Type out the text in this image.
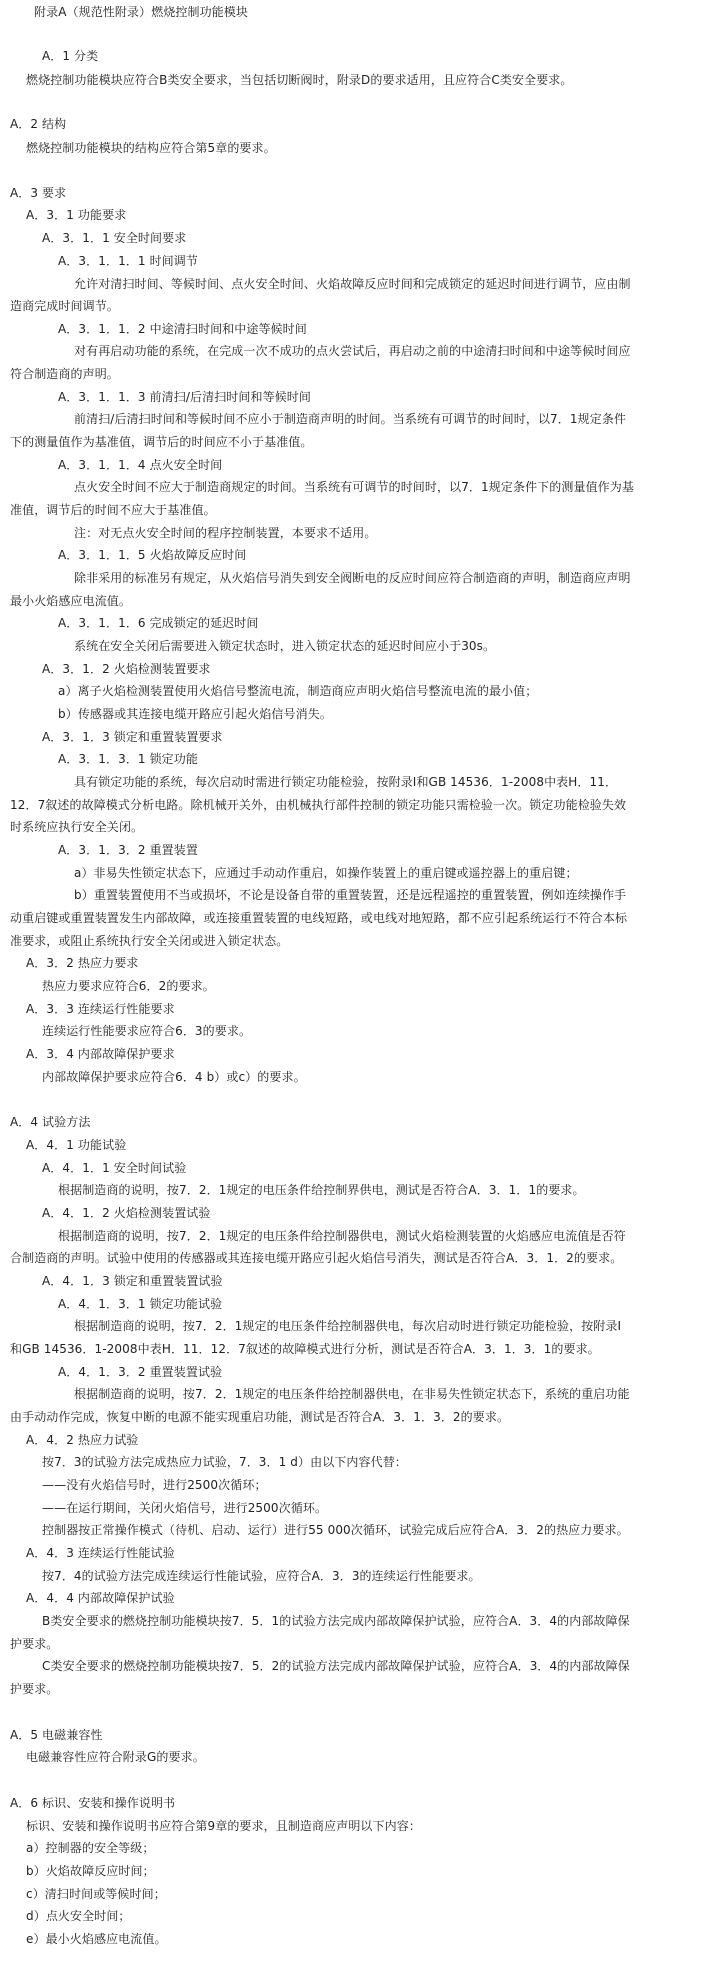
附录A（规范性附录）燃烧控制功能模块
A．1 分类
燃烧控制功能模块应符合B类安全要求，当包括切断阀时，附录D的要求适用，且应符合C类安全要求。
A．2 结构
燃烧控制功能模块的结构应符合第5章的要求。
A．3 要求
A．3．1 功能要求
A．3．1．1 安全时间要求
A．3．1．1．1 时间调节
允许对清扫时间、等候时间、点火安全时间、火焰故障反应时间和完成锁定的延迟时间进行调节，应由制
造商完成时间调节。
A．3．1．1．2 中途清扫时间和中途等候时间
对有再启动功能的系统，在完成一次不成功的点火尝试后，再启动之前的中途清扫时间和中途等候时间应
符合制造商的声明。
A．3．1．1．3 前清扫/后清扫时间和等候时间
前清扫/后清扫时间和等候时间不应小于制造商声明的时间。当系统有可调节的时间时，以7．1规定条件
下的测量值作为基准值，调节后的时间应不小于基准值。
A．3．1．1．4 点火安全时间
点火安全时间不应大于制造商规定的时间。当系统有可调节的时间时，以7．1规定条件下的测量值作为基
准值，调节后的时间不应大于基准值。
注：对无点火安全时间的程序控制装置，本要求不适用。
A．3．1．1．5 火焰故障反应时间
除非采用的标准另有规定，从火焰信号消失到安全阀断电的反应时间应符合制造商的声明，制造商应声明
最小火焰感应电流值。
A．3．1．1．6 完成锁定的延迟时间
系统在安全关闭后需要进入锁定状态时，进入锁定状态的延迟时间应小于30s。
A．3．1．2 火焰检测装置要求
a）离子火焰检测装置使用火焰信号整流电流，制造商应声明火焰信号整流电流的最小值；
b）传感器或其连接电缆开路应引起火焰信号消失。
A．3．1．3 锁定和重置装置要求
A．3．1．3．1 锁定功能
具有锁定功能的系统，每次启动时需进行锁定功能检验，按附录Ⅰ和GB 14536．1-2008中表H．11．
12．7叙述的故障模式分析电路。除机械开关外，由机械执行部件控制的锁定功能只需检验一次。锁定功能检验失效
时系统应执行安全关闭。
A．3．1．3．2 重置装置
a）非易失性锁定状态下，应通过手动动作重启，如操作装置上的重启键或遥控器上的重启键；
b）重置装置使用不当或损坏，不论是设备自带的重置装置，还是远程遥控的重置装置，例如连续操作手
动重启键或重置装置发生内部故障，或连接重置装置的电线短路，或电线对地短路，都不应引起系统运行不符合本标
准要求，或阻止系统执行安全关闭或进入锁定状态。
A．3．2 热应力要求
热应力要求应符合6．2的要求。
A．3．3 连续运行性能要求
连续运行性能要求应符合6．3的要求。
A．3．4 内部故障保护要求
内部故障保护要求应符合6．4 b）或c）的要求。
A．4 试验方法
A．4．1 功能试验
A．4．1．1 安全时间试验
根据制造商的说明，按7．2．1规定的电压条件给控制界供电，测试是否符合A．3．1．1的要求。
A．4．1．2 火焰检测装置试验
根据制造商的说明，按7．2．1规定的电压条件给控制器供电，测试火焰检测装置的火焰感应电流值是否符
合制造商的声明。试验中使用的传感器或其连接电缆开路应引起火焰信号消失，测试是否符合A．3．1．2的要求。
A．4．1．3 锁定和重置装置试验
A．4．1．3．1 锁定功能试验
根据制造商的说明，按7．2．1规定的电压条件给控制器供电，每次启动时进行锁定功能检验，按附录Ⅰ
和GB 14536．1-2008中表H．11．12．7叙述的故障模式进行分析，测试是否符合A．3．1．3．1的要求。
A．4．1．3．2 重置装置试验
根据制造商的说明，按7．2．1规定的电压条件给控制器供电，在非易失性锁定状态下，系统的重启功能
由手动动作完成，恢复中断的电源不能实现重启功能，测试是否符合A．3．1．3．2的要求。
A．4．2 热应力试验
按7．3的试验方法完成热应力试验，7．3．1 d）由以下内容代替：
——没有火焰信号时，进行2500次循环；
——在运行期间，关闭火焰信号，进行2500次循环。
控制器按正常操作模式（待机、启动、运行）进行55 000次循环，试验完成后应符合A．3．2的热应力要求。
A．4．3 连续运行性能试验
按7．4的试验方法完成连续运行性能试验，应符合A．3．3的连续运行性能要求。
A．4．4 内部故障保护试验
B类安全要求的燃烧控制功能模块按7．5．1的试验方法完成内部故障保护试验，应符合A．3．4的内部故障保
护要求。
C类安全要求的燃烧控制功能模块按7．5．2的试验方法完成内部故障保护试验，应符合A．3．4的内部故障保
护要求。
A．5 电磁兼容性
电磁兼容性应符合附录G的要求。
A．6 标识、安装和操作说明书
标识、安装和操作说明书应符合第9章的要求，且制造商应声明以下内容：
a）控制器的安全等级；
b）火焰故障反应时间；
c）清扫时间或等候时间；
d）点火安全时间；
e）最小火焰感应电流值。
